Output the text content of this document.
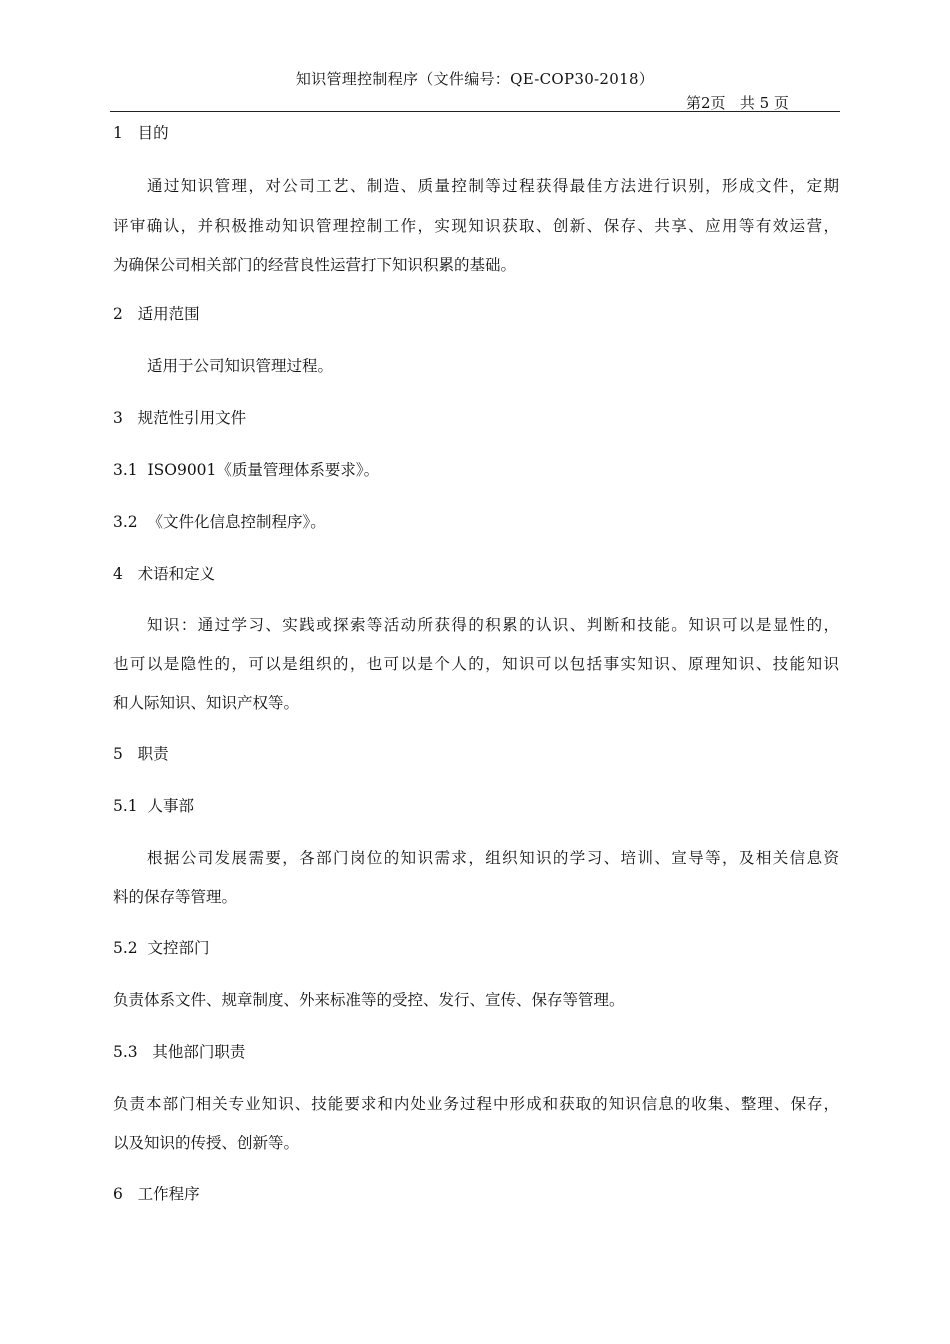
知识管理控制程序（文件编号：QE-COP30-2018）
第2页   共 5 页
1   目的
通过知识管理，对公司工艺、制造、质量控制等过程获得最佳方法进行识别，形成文件，定期
评审确认，并积极推动知识管理控制工作，实现知识获取、创新、保存、共享、应用等有效运营，
为确保公司相关部门的经营良性运营打下知识积累的基础。
2   适用范围
适用于公司知识管理过程。
3   规范性引用文件
3.1  ISO9001《质量管理体系要求》。
3.2  《文件化信息控制程序》。
4   术语和定义
知识：通过学习、实践或探索等活动所获得的积累的认识、判断和技能。知识可以是显性的，
也可以是隐性的，可以是组织的，也可以是个人的，知识可以包括事实知识、原理知识、技能知识
和人际知识、知识产权等。
5   职责
5.1  人事部
根据公司发展需要，各部门岗位的知识需求，组织知识的学习、培训、宣导等，及相关信息资
料的保存等管理。
5.2  文控部门
负责体系文件、规章制度、外来标准等的受控、发行、宣传、保存等管理。
5.3   其他部门职责
负责本部门相关专业知识、技能要求和内处业务过程中形成和获取的知识信息的收集、整理、保存，
以及知识的传授、创新等。
6   工作程序
